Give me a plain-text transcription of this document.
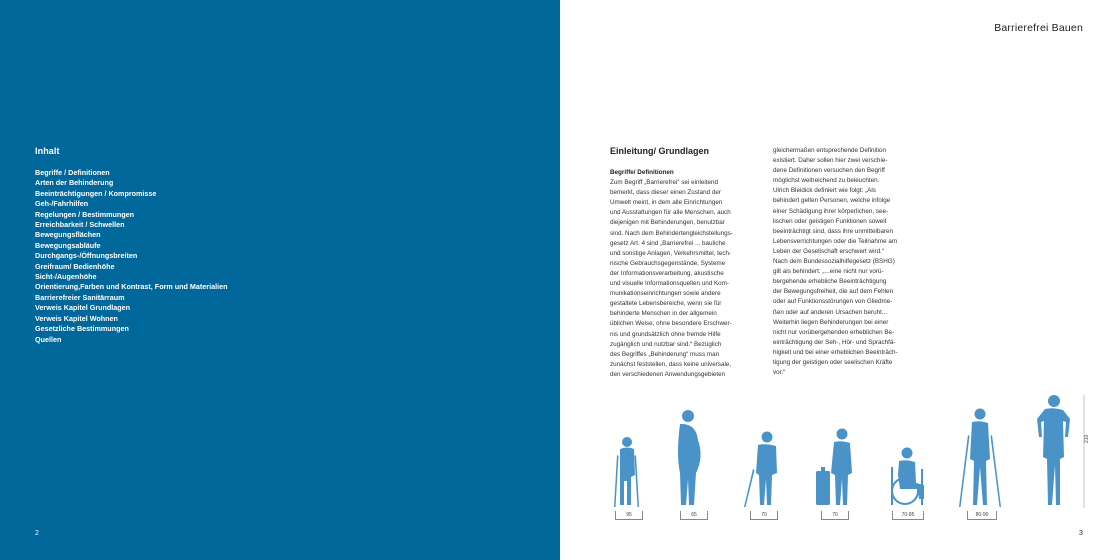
Inhalt
Begriffe / Definitionen
Arten der Behinderung
Beeinträchtigungen / Kompromisse
Geh-/Fahrhilfen
Regelungen / Bestimmungen
Erreichbarkeit / Schwellen
Bewegungsflächen
Bewegungsabläufe
Durchgangs-/Öffnungsbreiten
Greifraum/ Bedienhöhe
Sicht-/Augenhöhe
Orientierung,Farben und Kontrast, Form und Materialien
Barrierefreier Sanitärraum
Verweis Kapitel Grundlagen
Verweis Kapitel Wohnen
Gesetzliche Bestimmungen
Quellen
2
Barrierefrei Bauen
Einleitung/ Grundlagen
Begriffe/ Definitionen
Zum Begriff „Barrierefrei“ sei einleitend
bemerkt, dass dieser einen Zustand der
Umwelt meint, in dem alle Einrichtungen
und Ausstattungen für alle Menschen, auch
diejenigen mit Behinderungen, benutzbar
sind. Nach dem Behindertengleichstellungs-
gesetz Art. 4 sind „Barrierefrei ... bauliche
und sonstige Anlagen, Verkehrsmittel, tech-
nische Gebrauchsgegenstände, Systeme
der Informationsverarbeitung, akustische
und visuelle Informationsquellen und Kom-
munikationseinrichtungen sowie andere
gestaltete Lebensbereiche, wenn sie für
behinderte Menschen in der allgemein
üblichen Weise, ohne besondere Erschwer-
nis und grundsätzlich ohne fremde Hilfe
zugänglich und nutzbar sind.“ Bezüglich
des Begriffes „Behinderung“ muss man
zunächst feststellen, dass keine universale,
den verschiedenen Anwendungsgebieten
gleichermaßen entsprechende Definition
existiert. Daher sollen hier zwei verschie-
dene Definitionen versuchen den Begriff
möglichst weitreichend zu beleuchten.
Ulrich Bleidick definiert wie folgt: „Als
behindert gelten Personen, welche infolge
einer Schädigung ihrer körperlichen, see-
lischen oder geistigen Funktionen soweit
beeinträchtigt sind, dass ihre unmittelbaren
Lebensverrichtungen oder die Teilnahme am
Leben der Gesellschaft erschwert wird.“
Nach dem Bundessozialhilfegesetz (BSHG)
gilt als behindert: „...eine nicht nur vorü-
bergehende erhebliche Beeinträchtigung
der Bewegungsfreiheit, die auf dem Fehlen
oder auf Funktionsstörungen von Gliedme-
ßen oder auf anderen Ursachen beruht...
Weiterhin liegen Behinderungen bei einer
nicht nur vorübergehenden erheblichen Be-
einträchtigung der Seh-, Hör- und Sprachfä-
higkeit und bei einer erheblichen Beeinträch-
tigung der geistigen oder seelischen Kräfte
vor.“
95	65	70	70	70-85	80-90
210
3
